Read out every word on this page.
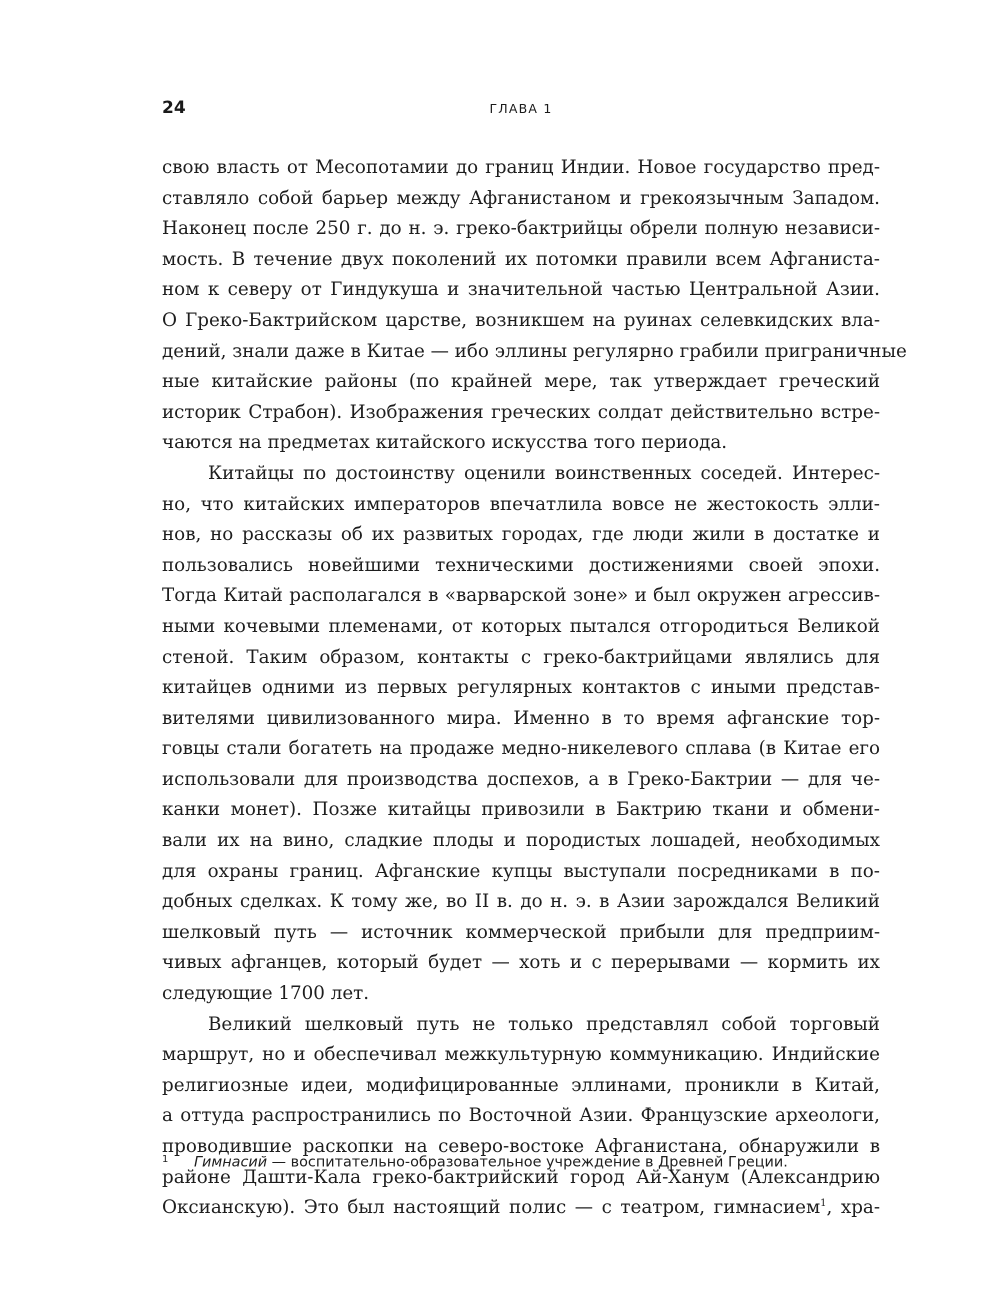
24	ГЛАВА 1
свою власть от Месопотамии до границ Индии. Новое государство пред-
ставляло собой барьер между Афганистаном и грекоязычным Западом.
Наконец после 250 г. до н. э. греко-бактрийцы обрели полную независи-
мость. В течение двух поколений их потомки правили всем Афганиста-
ном к северу от Гиндукуша и значительной частью Центральной Азии.
О Греко-Бактрийском царстве, возникшем на руинах селевкидских вла-
дений, знали даже в Китае — ибо эллины регулярно грабили приграничные
ные китайские районы (по крайней мере, так утверждает греческий
историк Страбон). Изображения греческих солдат действительно встре-
чаются на предметах китайского искусства того периода.
Китайцы по достоинству оценили воинственных соседей. Интерес-
но, что китайских императоров впечатлила вовсе не жестокость элли-
нов, но рассказы об их развитых городах, где люди жили в достатке и
пользовались новейшими техническими достижениями своей эпохи.
Тогда Китай располагался в «варварской зоне» и был окружен агрессив-
ными кочевыми племенами, от которых пытался отгородиться Великой
стеной. Таким образом, контакты с греко-бактрийцами являлись для
китайцев одними из первых регулярных контактов с иными представ-
вителями цивилизованного мира. Именно в то время афганские тор-
говцы стали богатеть на продаже медно-никелевого сплава (в Китае его
использовали для производства доспехов, а в Греко-Бактрии — для че-
канки монет). Позже китайцы привозили в Бактрию ткани и обмени-
вали их на вино, сладкие плоды и породистых лошадей, необходимых
для охраны границ. Афганские купцы выступали посредниками в по-
добных сделках. К тому же, во II в. до н. э. в Азии зарождался Великий
шелковый путь — источник коммерческой прибыли для предприим-
чивых афганцев, который будет — хоть и с перерывами — кормить их
следующие 1700 лет.
Великий шелковый путь не только представлял собой торговый
маршрут, но и обеспечивал межкультурную коммуникацию. Индийские
религиозные идеи, модифицированные эллинами, проникли в Китай,
а оттуда распространились по Восточной Азии. Французские археологи,
проводившие раскопки на северо-востоке Афганистана, обнаружили в
районе Дашти-Кала греко-бактрийский город Ай-Ханум (Александрию
Оксианскую). Это был настоящий полис — с театром, гимнасием$^1$, хра-
1 Гимнасий — воспитательно-образовательное учреждение в Древней Греции.
